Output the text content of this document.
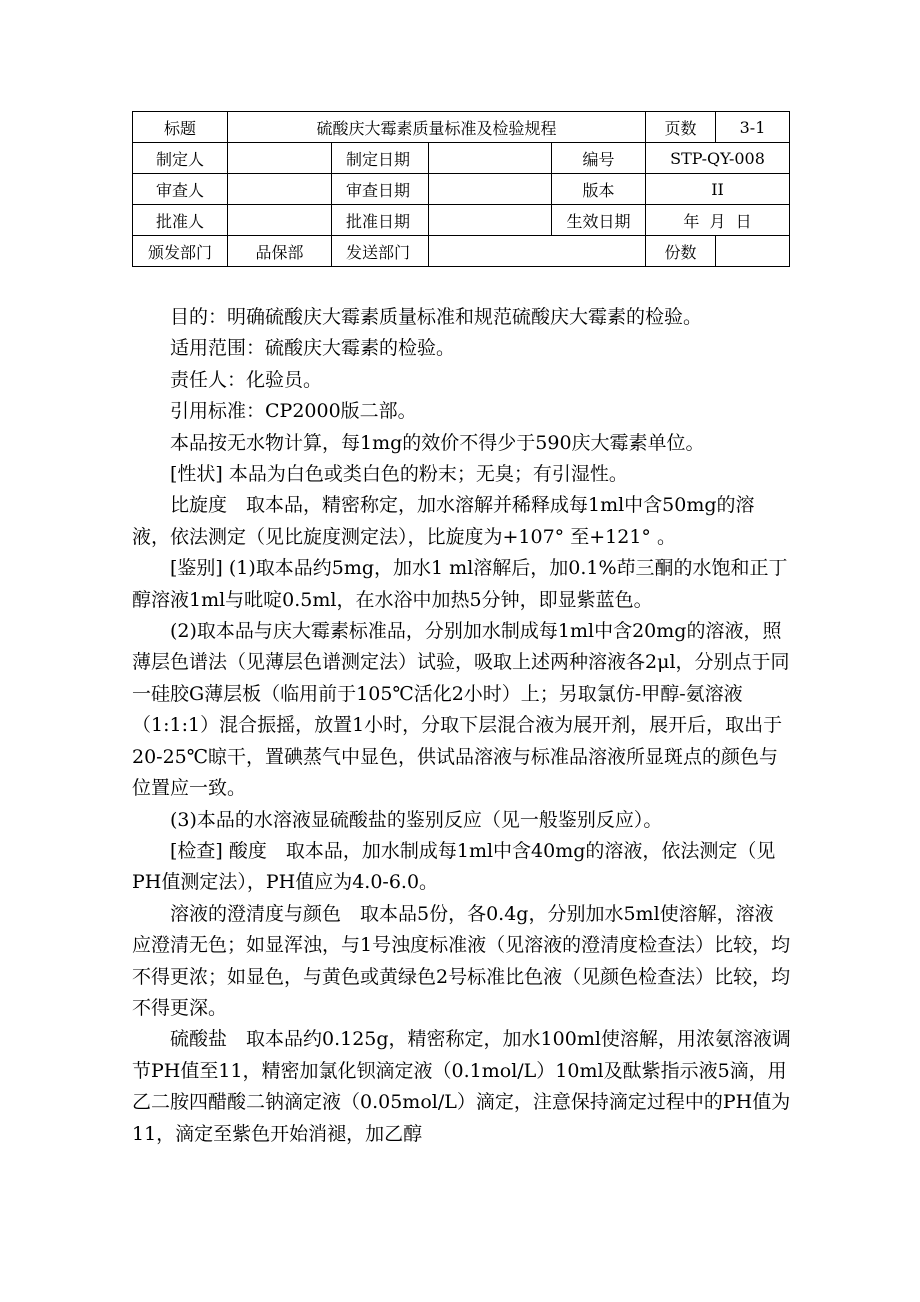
标题	硫酸庆大霉素质量标准及检验规程				页数	3-1
制定人		制定日期		编号	STP-QY-008	
审查人		审查日期		版本	II	
批准人		批准日期		生效日期	年  月  日	
颁发部门	品保部	发送部门			份数	

目的：明确硫酸庆大霉素质量标准和规范硫酸庆大霉素的检验。

适用范围：硫酸庆大霉素的检验。

责任人：化验员。

引用标准：CP2000版二部。

本品按无水物计算，每1mg的效价不得少于590庆大霉素单位。

[性状] 本品为白色或类白色的粉末；无臭；有引湿性。

比旋度　取本品，精密称定，加水溶解并稀释成每1ml中含50mg的溶液，依法测定（见比旋度测定法），比旋度为+107° 至+121° 。

[鉴别] (1)取本品约5mg，加水1 ml溶解后，加0.1%茚三酮的水饱和正丁醇溶液1ml与吡啶0.5ml，在水浴中加热5分钟，即显紫蓝色。

(2)取本品与庆大霉素标准品，分别加水制成每1ml中含20mg的溶液，照薄层色谱法（见薄层色谱测定法）试验，吸取上述两种溶液各2μl，分别点于同一硅胶G薄层板（临用前于105℃活化2小时）上；另取氯仿-甲醇-氨溶液（1:1:1）混合振摇，放置1小时，分取下层混合液为展开剂，展开后，取出于20-25℃晾干，置碘蒸气中显色，供试品溶液与标准品溶液所显斑点的颜色与位置应一致。

(3)本品的水溶液显硫酸盐的鉴别反应（见一般鉴别反应）。

[检查] 酸度　取本品，加水制成每1ml中含40mg的溶液，依法测定（见PH值测定法），PH值应为4.0-6.0。

溶液的澄清度与颜色　取本品5份，各0.4g，分别加水5ml使溶解，溶液应澄清无色；如显浑浊，与1号浊度标准液（见溶液的澄清度检查法）比较，均不得更浓；如显色，与黄色或黄绿色2号标准比色液（见颜色检查法）比较，均不得更深。

硫酸盐　取本品约0.125g，精密称定，加水100ml使溶解，用浓氨溶液调节PH值至11，精密加氯化钡滴定液（0.1mol/L）10ml及酞紫指示液5滴，用乙二胺四醋酸二钠滴定液（0.05mol/L）滴定，注意保持滴定过程中的PH值为11，滴定至紫色开始消褪，加乙醇
